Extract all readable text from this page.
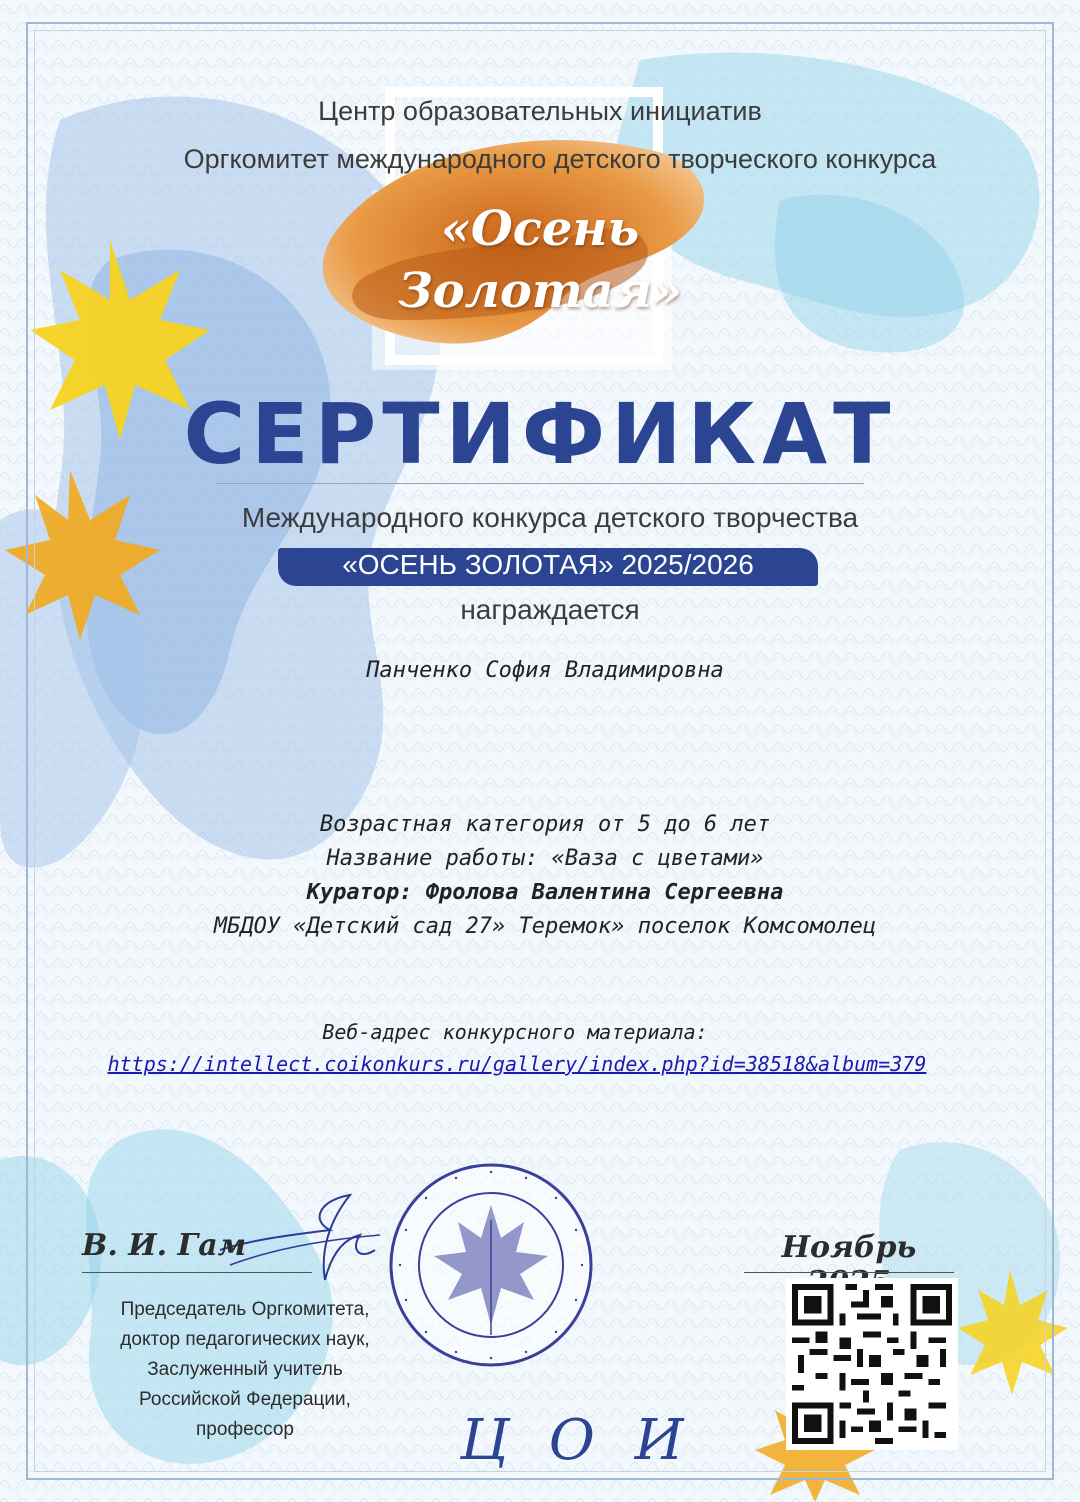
Центр образовательных инициатив
Оргкомитет международного детского творческого конкурса
«Осень
Золотая»
СЕРТИФИКАТ
Международного конкурса детского творчества
«ОСЕНЬ ЗОЛОТАЯ» 2025/2026
награждается
Панченко София Владимировна
Возрастная категория от 5 до 6 лет
Название работы: «Ваза с цветами»
Куратор: Фролова Валентина Сергеевна
МБДОУ «Детский сад 27» Теремок» поселок Комсомолец
Веб-адрес конкурсного материала:
https://intellect.coikonkurs.ru/gallery/index.php?id=38518&album=379
В. И. Гам
Председатель Оргкомитета,
доктор педагогических наук,
Заслуженный учитель
Российской Федерации,
профессор
Ноябрь
ЦОИ
